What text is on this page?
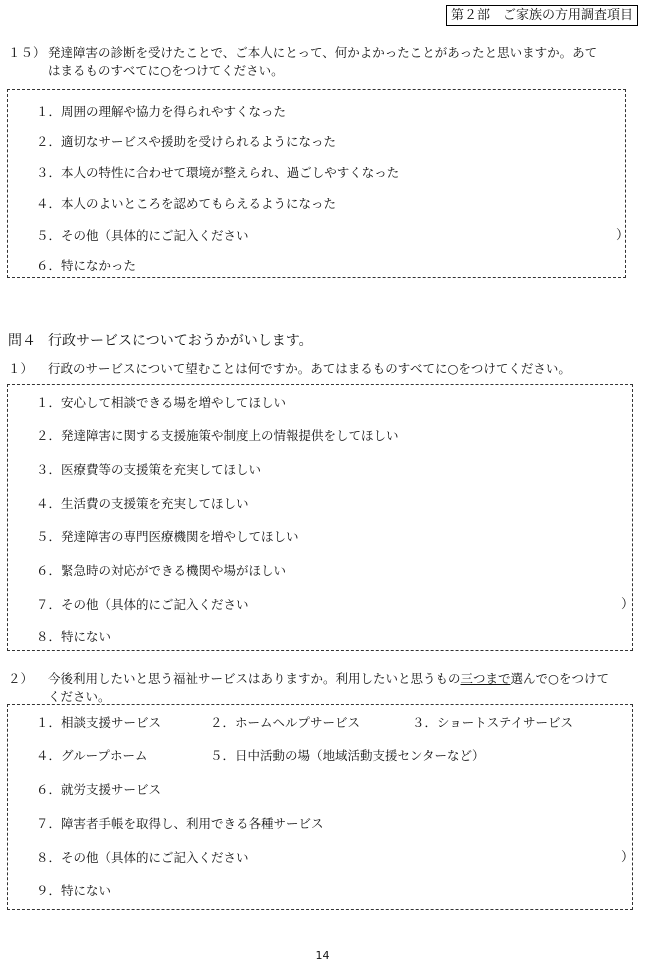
第２部　ご家族の方用調査項目
１５） 発達障害の診断を受けたことで、ご本人にとって、何かよかったことがあったと思いますか。あて
はまるものすべてに○をつけてください。
１．周囲の理解や協力を得られやすくなった
２．適切なサービスや援助を受けられるようになった
３．本人の特性に合わせて環境が整えられ、過ごしやすくなった
４．本人のよいところを認めてもらえるようになった
５．その他（具体的にご記入ください	）
６．特になかった
問４ 行政サービスについておうかがいします。
１） 行政のサービスについて望むことは何ですか。あてはまるものすべてに○をつけてください。
１．安心して相談できる場を増やしてほしい
２．発達障害に関する支援施策や制度上の情報提供をしてほしい
３．医療費等の支援策を充実してほしい
４．生活費の支援策を充実してほしい
５．発達障害の専門医療機関を増やしてほしい
６．緊急時の対応ができる機関や場がほしい
７．その他（具体的にご記入ください	）
８．特にない
２） 今後利用したいと思う福祉サービスはありますか。利用したいと思うもの三つまで選んで○をつけて
ください。
１．相談支援サービス	２．ホームヘルプサービス	３．ショートステイサービス
４．グループホーム	５．日中活動の場（地域活動支援センターなど）
６．就労支援サービス
７．障害者手帳を取得し、利用できる各種サービス
８．その他（具体的にご記入ください	）
９．特にない
14
